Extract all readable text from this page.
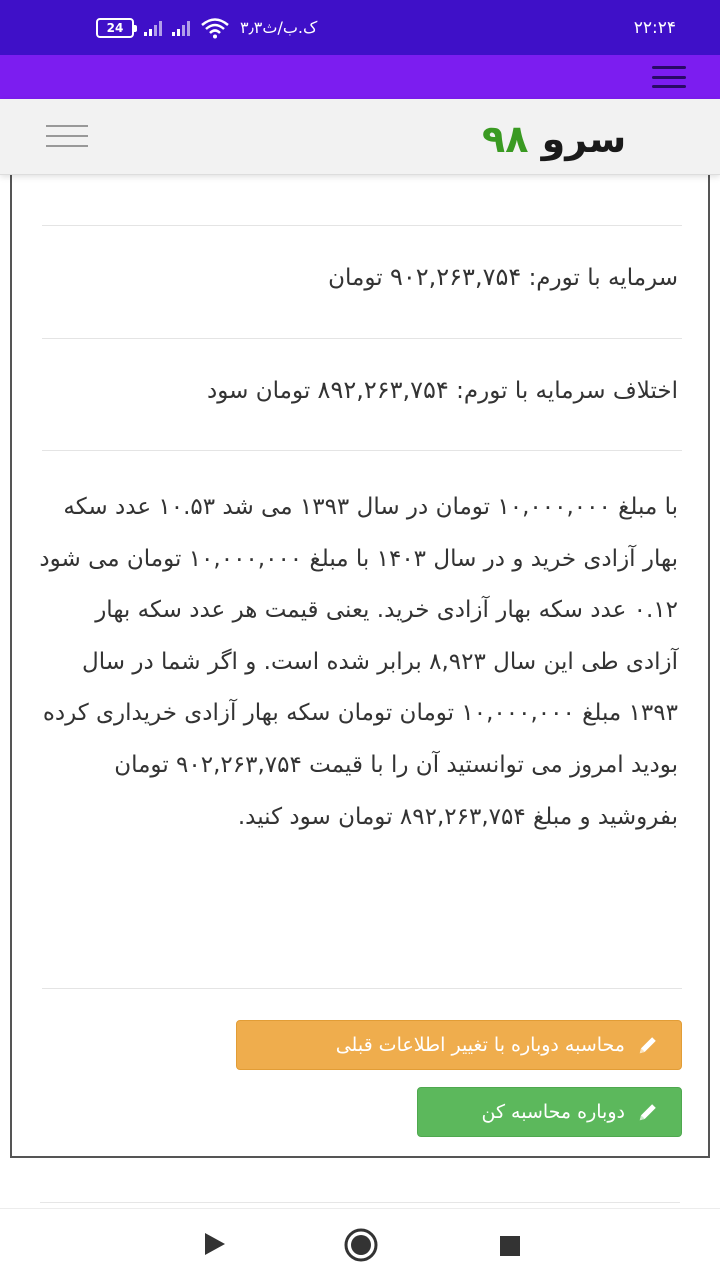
24	۳٫۳ک.ب/ث	۲۲:۲۴
سرمایه با تورم: ۹۰۲,۲۶۳,۷۵۴ تومان
اختلاف سرمایه با تورم: ۸۹۲,۲۶۳,۷۵۴ تومان سود

با مبلغ ۱۰,۰۰۰,۰۰۰ تومان در سال ۱۳۹۳ می شد ۱۰.۵۳ عدد سکه بهار آزادی خرید و در سال ۱۴۰۳ با مبلغ ۱۰,۰۰۰,۰۰۰ تومان می شود ۰.۱۲ عدد سکه بهار آزادی خرید. یعنی قیمت هر عدد سکه بهار آزادی طی این سال ۸,۹۲۳ برابر شده است. و اگر شما در سال ۱۳۹۳ مبلغ ۱۰,۰۰۰,۰۰۰ تومان تومان سکه بهار آزادی خریداری کرده بودید امروز می توانستید آن را با قیمت ۹۰۲,۲۶۳,۷۵۴ تومان بفروشید و مبلغ ۸۹۲,۲۶۳,۷۵۴ تومان سود کنید.

محاسبه دوباره با تغییر اطلاعات قبلی
دوباره محاسبه کن
سرو ۹۸
